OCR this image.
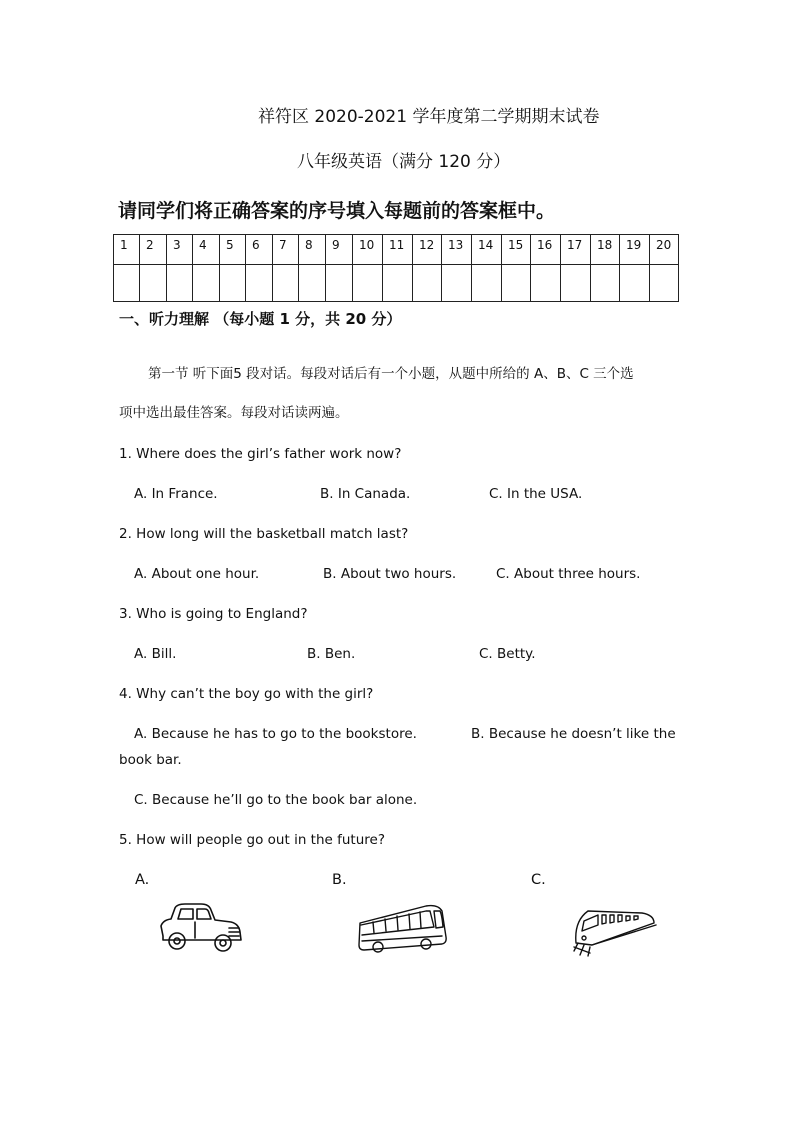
祥符区 2020-2021 学年度第二学期期末试卷
八年级英语（满分 120 分）
请同学们将正确答案的序号填入每题前的答案框中。
1	2	3	4	5	6	7	8	9	10	11	12	13	14	15	16	17	18	19	20

一、听力理解 （每小题 1 分，共 20 分）
第一节 听下面5 段对话。每段对话后有一个小题，从题中所给的 A、B、C 三个选
项中选出最佳答案。每段对话读两遍。
1. Where does the girl’s father work now?
A. In France.	B. In Canada.	C. In the USA.
2. How long will the basketball match last?
A. About one hour.	B. About two hours.	C. About three hours.
3. Who is going to England?
A. Bill.	B. Ben.	C. Betty.
4. Why can’t the boy go with the girl?
A. Because he has to go to the bookstore.	B. Because he doesn’t like the
book bar.
C. Because he’ll go to the book bar alone.
5. How will people go out in the future?
A.	B.	C.
